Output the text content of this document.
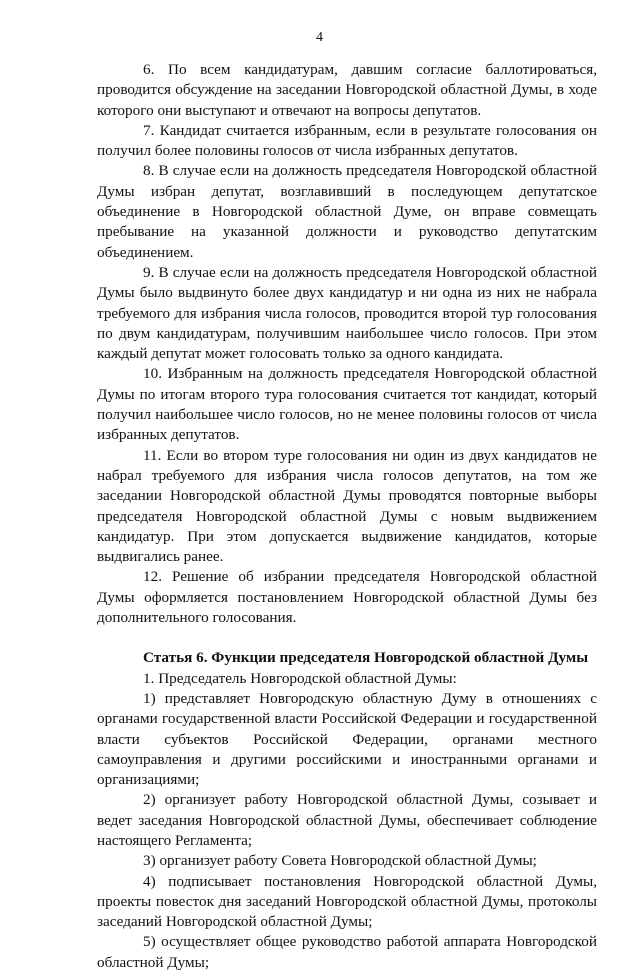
4

6. По всем кандидатурам, давшим согласие баллотироваться, проводится обсуждение на заседании Новгородской областной Думы, в ходе которого они выступают и отвечают на вопросы депутатов.

7. Кандидат считается избранным, если в результате голосования он получил более половины голосов от числа избранных депутатов.

8. В случае если на должность председателя Новгородской областной Думы избран депутат, возглавивший в последующем депутатское объединение в Новгородской областной Думе, он вправе совмещать пребывание на указанной должности и руководство депутатским объединением.

9. В случае если на должность председателя Новгородской областной Думы было выдвинуто более двух кандидатур и ни одна из них не набрала требуемого для избрания числа голосов, проводится второй тур голосования по двум кандидатурам, получившим наибольшее число голосов. При этом каждый депутат может голосовать только за одного кандидата.

10. Избранным на должность председателя Новгородской областной Думы по итогам второго тура голосования считается тот кандидат, который получил наибольшее число голосов, но не менее половины голосов от числа избранных депутатов.

11. Если во втором туре голосования ни один из двух кандидатов не набрал требуемого для избрания числа голосов депутатов, на том же заседании Новгородской областной Думы проводятся повторные выборы председателя Новгородской областной Думы с новым выдвижением кандидатур. При этом допускается выдвижение кандидатов, которые выдвигались ранее.

12. Решение об избрании председателя Новгородской областной Думы оформляется постановлением Новгородской областной Думы без дополнительного голосования.

Статья 6. Функции председателя Новгородской областной Думы

1. Председатель Новгородской областной Думы:

1) представляет Новгородскую областную Думу в отношениях с органами государственной власти Российской Федерации и государственной власти субъектов Российской Федерации, органами местного самоуправления и другими российскими и иностранными органами и организациями;

2) организует работу Новгородской областной Думы, созывает и ведет заседания Новгородской областной Думы, обеспечивает соблюдение настоящего Регламента;

3) организует работу Совета Новгородской областной Думы;

4) подписывает постановления Новгородской областной Думы, проекты повесток дня заседаний Новгородской областной Думы, протоколы заседаний Новгородской областной Думы;

5) осуществляет общее руководство работой аппарата Новгородской областной Думы;
